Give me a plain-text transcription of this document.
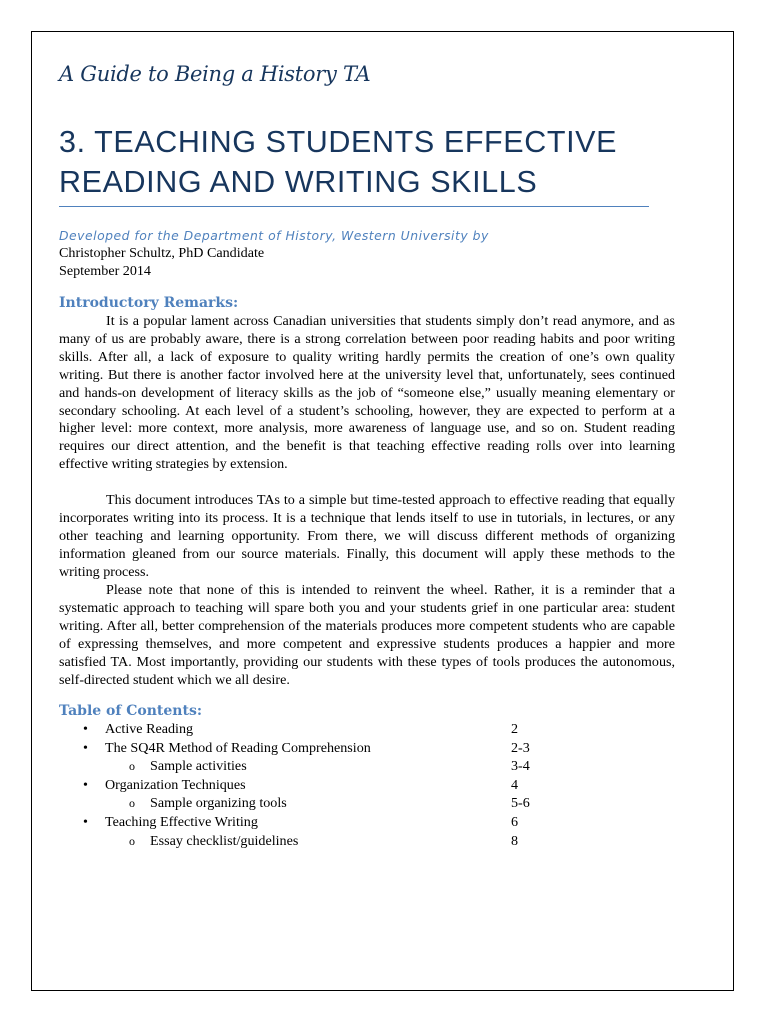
A Guide to Being a History TA
3. TEACHING STUDENTS EFFECTIVE
READING AND WRITING SKILLS
Developed for the Department of History, Western University by
Christopher Schultz, PhD Candidate
September 2014
Introductory Remarks:

It is a popular lament across Canadian universities that students simply don’t read anymore, and as many of us are probably aware, there is a strong correlation between poor reading habits and poor writing skills. After all, a lack of exposure to quality writing hardly permits the creation of one’s own quality writing. But there is another factor involved here at the university level that, unfortunately, sees continued and hands-on development of literacy skills as the job of “someone else,” usually meaning elementary or secondary schooling. At each level of a student’s schooling, however, they are expected to perform at a higher level: more context, more analysis, more awareness of language use, and so on. Student reading requires our direct attention, and the benefit is that teaching effective reading rolls over into learning effective writing strategies by extension.

This document introduces TAs to a simple but time-tested approach to effective reading that equally incorporates writing into its process. It is a technique that lends itself to use in tutorials, in lectures, or any other teaching and learning opportunity. From there, we will discuss different methods of organizing information gleaned from our source materials. Finally, this document will apply these methods to the writing process.

Please note that none of this is intended to reinvent the wheel. Rather, it is a reminder that a systematic approach to teaching will spare both you and your students grief in one particular area: student writing. After all, better comprehension of the materials produces more competent students who are capable of expressing themselves, and more competent and expressive students produces a happier and more satisfied TA. Most importantly, providing our students with these types of tools produces the autonomous, self-directed student which we all desire.

Table of Contents:
• Active Reading	2
• The SQ4R Method of Reading Comprehension	2-3
o Sample activities	3-4
• Organization Techniques	4
o Sample organizing tools	5-6
• Teaching Effective Writing	6
o Essay checklist/guidelines	8
